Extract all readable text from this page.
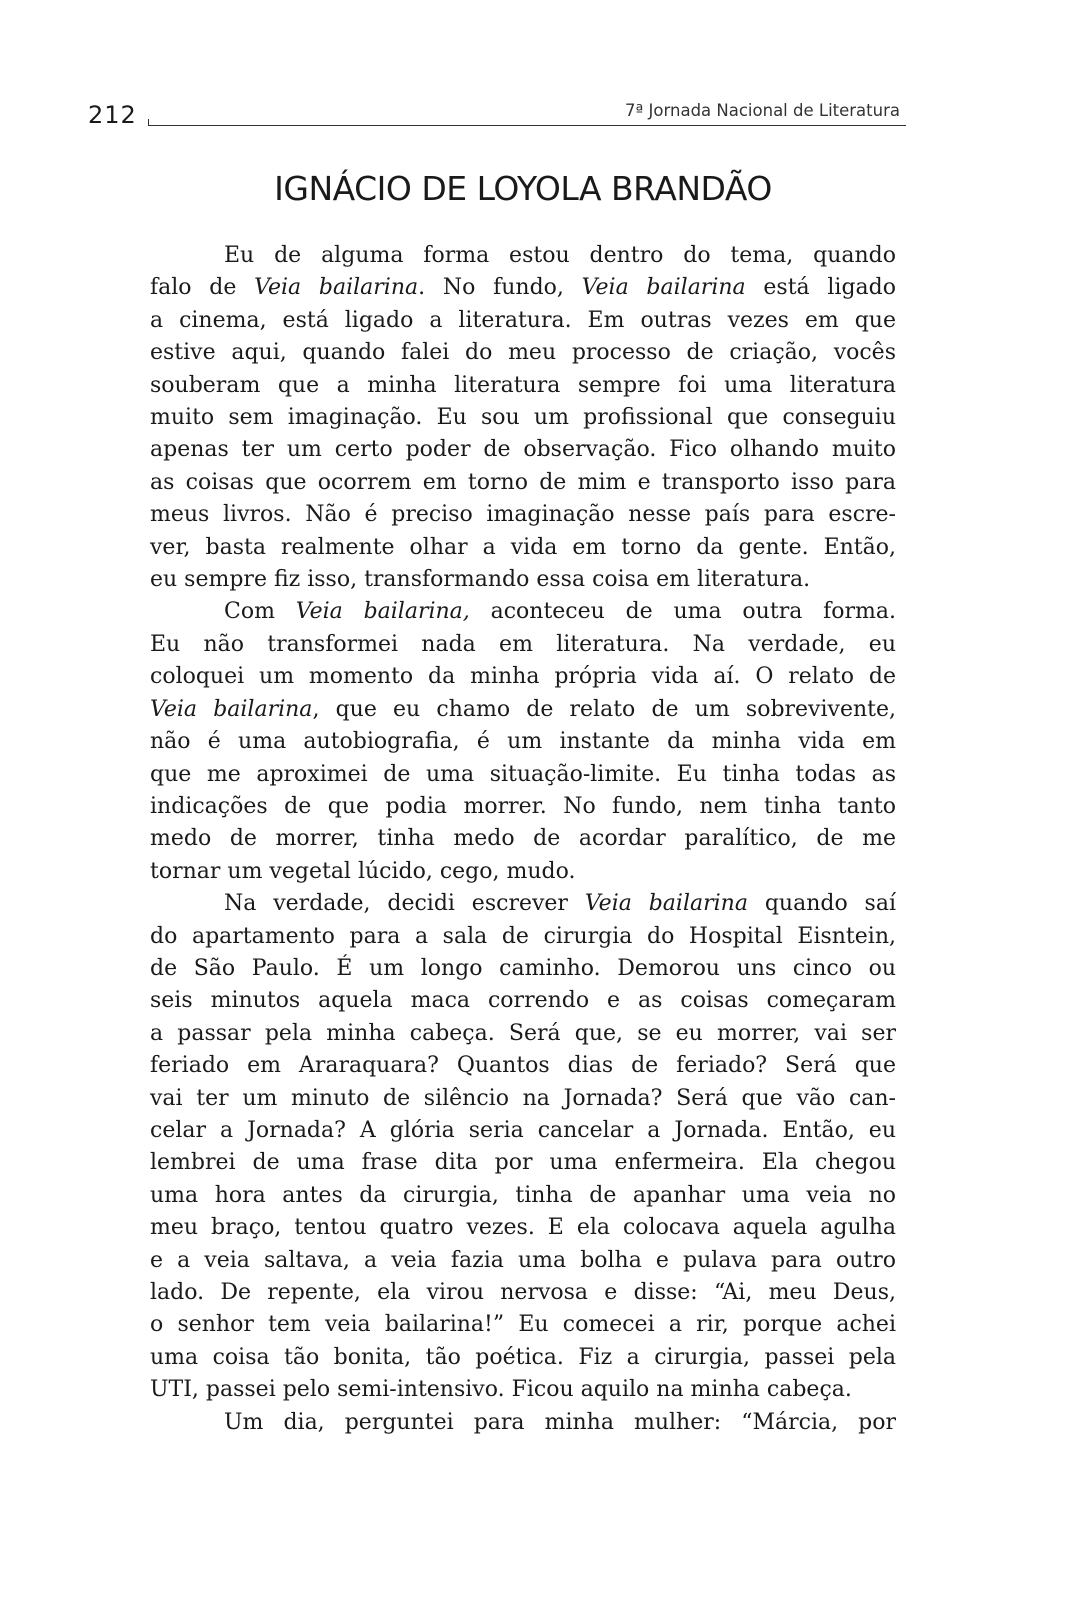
212	7ª Jornada Nacional de Literatura
IGNÁCIO DE LOYOLA BRANDÃO
Eu de alguma forma estou dentro do tema, quando
falo de Veia bailarina. No fundo, Veia bailarina está ligado
a cinema, está ligado a literatura. Em outras vezes em que
estive aqui, quando falei do meu processo de criação, vocês
souberam que a minha literatura sempre foi uma literatura
muito sem imaginação. Eu sou um profissional que conseguiu
apenas ter um certo poder de observação. Fico olhando muito
as coisas que ocorrem em torno de mim e transporto isso para
meus livros. Não é preciso imaginação nesse país para escre-
ver, basta realmente olhar a vida em torno da gente. Então,
eu sempre fiz isso, transformando essa coisa em literatura.
Com Veia bailarina, aconteceu de uma outra forma.
Eu não transformei nada em literatura. Na verdade, eu
coloquei um momento da minha própria vida aí. O relato de
Veia bailarina, que eu chamo de relato de um sobrevivente,
não é uma autobiografia, é um instante da minha vida em
que me aproximei de uma situação-limite. Eu tinha todas as
indicações de que podia morrer. No fundo, nem tinha tanto
medo de morrer, tinha medo de acordar paralítico, de me
tornar um vegetal lúcido, cego, mudo.
Na verdade, decidi escrever Veia bailarina quando saí
do apartamento para a sala de cirurgia do Hospital Eisntein,
de São Paulo. É um longo caminho. Demorou uns cinco ou
seis minutos aquela maca correndo e as coisas começaram
a passar pela minha cabeça. Será que, se eu morrer, vai ser
feriado em Araraquara? Quantos dias de feriado? Será que
vai ter um minuto de silêncio na Jornada? Será que vão can-
celar a Jornada? A glória seria cancelar a Jornada. Então, eu
lembrei de uma frase dita por uma enfermeira. Ela chegou
uma hora antes da cirurgia, tinha de apanhar uma veia no
meu braço, tentou quatro vezes. E ela colocava aquela agulha
e a veia saltava, a veia fazia uma bolha e pulava para outro
lado. De repente, ela virou nervosa e disse: “Ai, meu Deus,
o senhor tem veia bailarina!” Eu comecei a rir, porque achei
uma coisa tão bonita, tão poética. Fiz a cirurgia, passei pela
UTI, passei pelo semi-intensivo. Ficou aquilo na minha cabeça.
Um dia, perguntei para minha mulher: “Márcia, por
